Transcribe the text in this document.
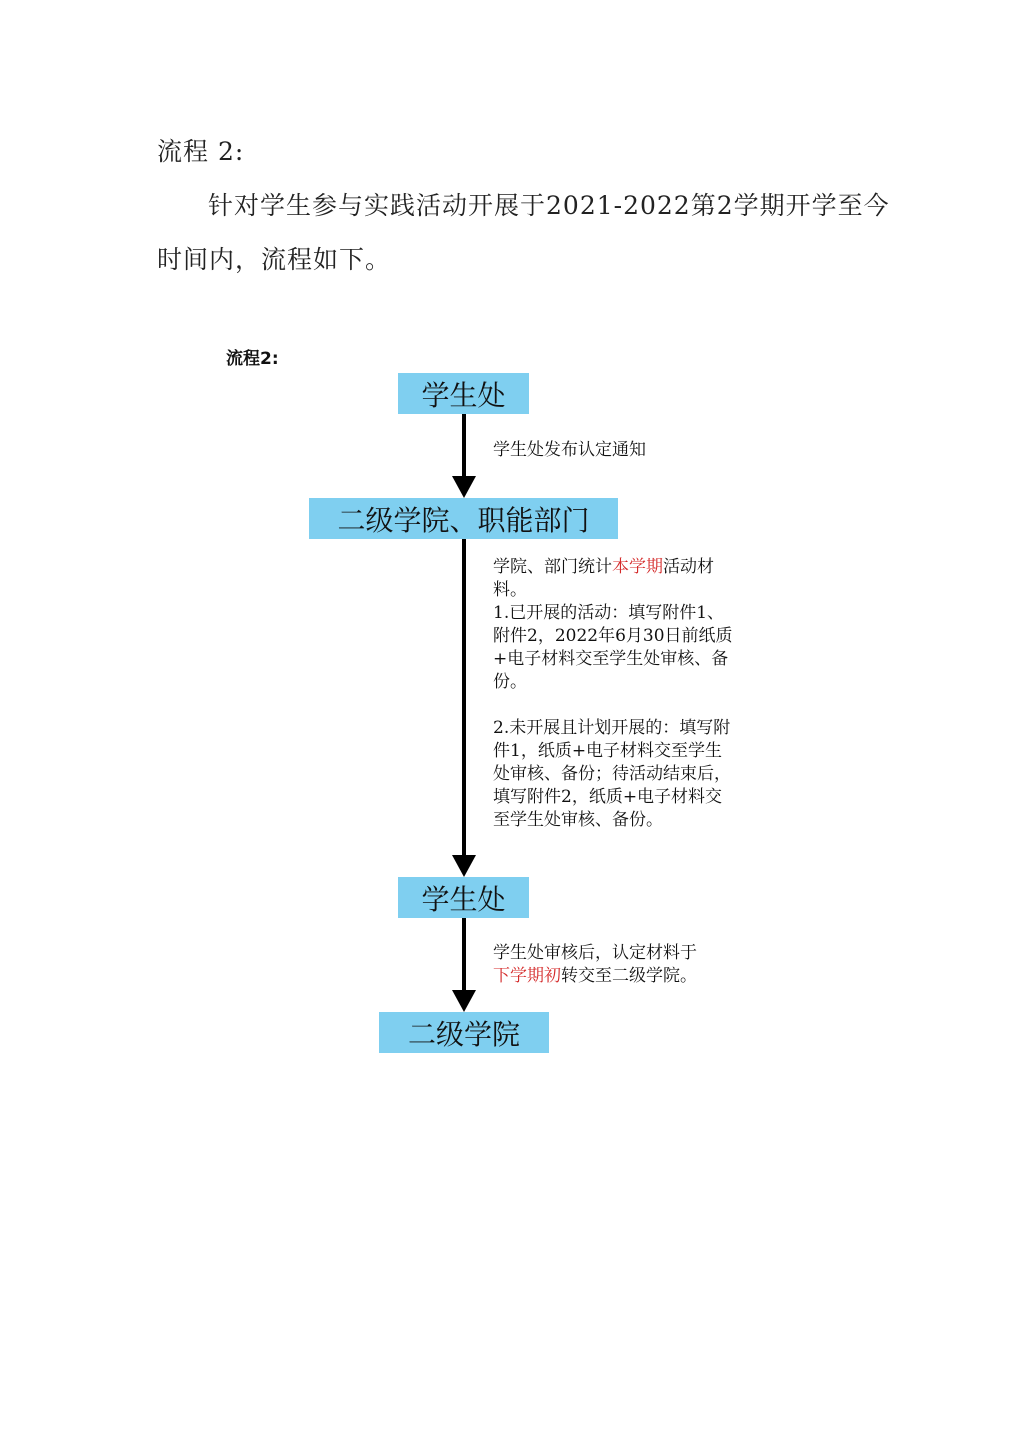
流程 2:
针对学生参与实践活动开展于2021-2022第2学期开学至今
时间内，流程如下。
流程2:
学生处
二级学院、职能部门
学生处
二级学院
学生处发布认定通知
学院、部门统计本学期活动材料。
1.已开展的活动：填写附件1、附件2，2022年6月30日前纸质+电子材料交至学生处审核、备份。
2.未开展且计划开展的：填写附件1，纸质+电子材料交至学生处审核、备份；待活动结束后，填写附件2，纸质+电子材料交至学生处审核、备份。
学生处审核后，认定材料于
下学期初转交至二级学院。
